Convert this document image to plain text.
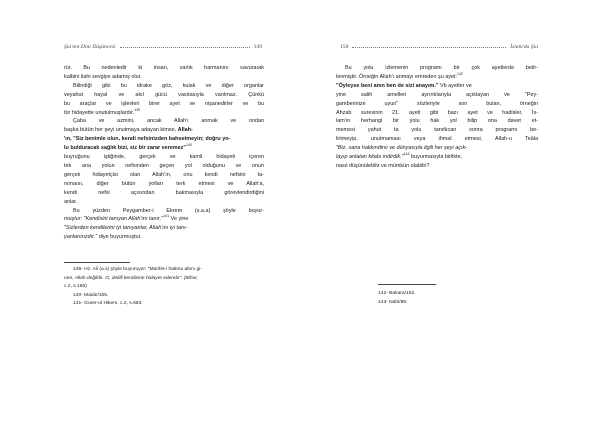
Şia'nın Dini Düşüncesi	149
rür. Bu nedenledir ki insan, varlık harmanını savurarak
kalbini ilahi sevgiye adamış olur.
Bilindiği gibi bu idrake göz, kulak ve diğer organlar
veyahut hayal ve akıl gücü vasıtasıyla varılmaz. Çünkü
bu araçlar ve işlevleri birer ayet ve nişanedirler ve bu
tür hidayette unutulmuşlardır.$^{139}$
Çaba ve azmini, ancak Allah'ı anmak ve ondan
başka bütün her şeyi unutmaya adayan kimse, Allah-
'ın, "Siz benimle olun, kendi nefsinizden bahsetmeyin; doğru yo-
lu bulduracak sağlık bizi, siz bir zarar veremez"$^{140}$
buyruğunu iştiğinde, gerçek ve kamil hidayeti içeren
tek ana yolun nefsinden geçen yol olduğunu ve onun
gerçek hidayetçisi olan Allah'ın, onu kendi nefsini ta-
nımaısı, diğer bütün yolları terk etmesi ve Allah'a,
kendi nefsi açısından bakmasıyla görevlendirdiğini
anlar.
Bu yüzden Peygamber-i Ekrem (s.a.a) şöyle buyur-
muştur: "Kendisini tanıyan Allah'ını tanır."$^{141}$ Ve yine
"Sizlerden kendilerini iyi tanıyanlar, Allah'ını iyi tanı-
yanlarınızdır." diye buyurmuştur.
139- Hz. Ali (a.s) şöyle buyuruyor: "Marifet-i hatimu altını gi-
nen, Allah değildir. O, delilli kendisine hidayet edendir". (Bihar,
c.2, s.186)
140- Maide/105.
141- Gurer-ul Hikem, c.2, s.663.
150	İslam'da Şia
Bu yolu izlemenin programı bir çok ayetlerde belir-
lenmiştir. Örneğin Allah'ı anmayı emreden şu ayet:$^{142}$
"Öyleyse beni anın ben de sizi anayım." Vb ayetler ve
yine salih amelleri ayrıntılarıyla açıklayan ve "Pey-
gamberinize uyun" sözleriyle son bulan, örneğin
Ahzab suresinin 21. ayeti gibi bazı ayet ve hadisler, İs-
lam'ın herhangi bir yolu hak yol bilip ona davet et-
memesi yahut ta yolu tanıtlıcan sonra programı be-
lirtmeyip, unutmaması veya ihmal etmesi, Allah-u Teâla
"Biz, sana hakkındiniı ve dünyasıyla ilgili her şeyi açık-
layıp anlatan kitabı indirdik."$^{143}$ buyurmasıyla birlikte,
nasıl düşünülebilir ve mümkün olabilir?
142- Bakara/152.
143- Nahl/89.
